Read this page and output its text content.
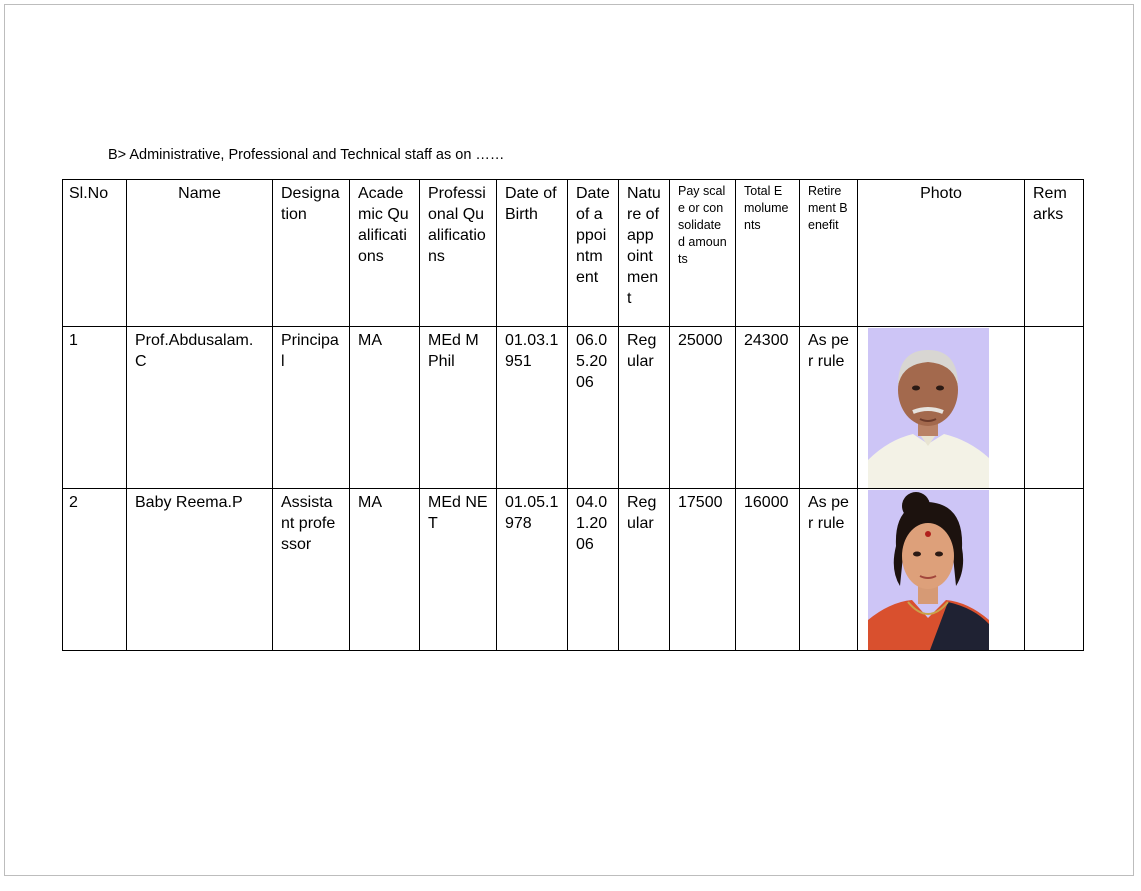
B> Administrative, Professional and Technical staff as on ……
Sl.No	Name	Designation	Academic Qualifications	Professional Qualifications	Date of Birth	Date of appointment	Nature of appointment	Pay scale or consolidated amounts	Total Emoluments	Retirement Benefit	Photo	Remarks
1	Prof.Abdusalam.C	Principal	MA	MEd MPhil	01.03.1951	06.05.2006	Regular	25000	24300	As per rule	

2	Baby Reema.P	Assistant professor	MA	MEd NET	01.05.1978	04.01.2006	Regular	17500	16000	As per rule	
